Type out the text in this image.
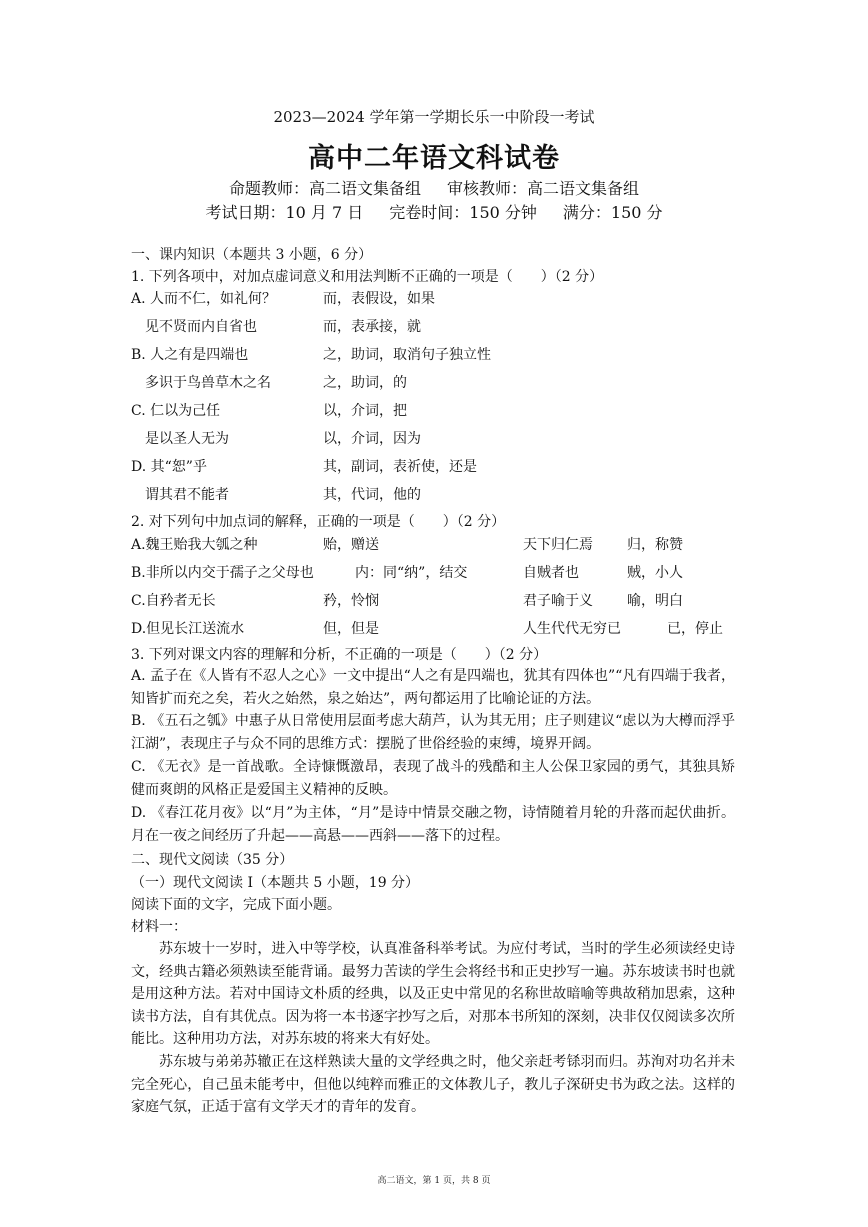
2023—2024 学年第一学期长乐一中阶段一考试
高中二年语文科试卷
命题教师：高二语文集备组 审核教师：高二语文集备组
考试日期：10 月 7 日 完卷时间：150 分钟 满分：150 分
一、课内知识（本题共 3 小题，6 分）
1. 下列各项中，对加点虚词意义和用法判断不正确的一项是（　　）（2 分）
A. 人而不仁，如礼何？	而，表假设，如果
　见不贤而内自省也	而，表承接，就
B. 人之有是四端也	之，助词，取消句子独立性
　多识于鸟兽草木之名	之，助词，的
C. 仁以为己任	以，介词，把
　是以圣人无为	以，介词，因为
D. 其“恕”乎	其，副词，表祈使，还是
　谓其君不能者	其，代词，他的
2. 对下列句中加点词的解释，正确的一项是（　　）（2 分）
A.魏王贻我大瓠之种	贻，赠送	天下归仁焉 归，称赞
B.非所以内交于孺子之父母也	内：同“纳”，结交	自贼者也	贼，小人
C.自矜者无长	矜，怜悯	君子喻于义 喻，明白
D.但见长江送流水	但，但是	人生代代无穷已	已，停止
3. 下列对课文内容的理解和分析，不正确的一项是（　　）（2 分）
A. 孟子在《人皆有不忍人之心》一文中提出“人之有是四端也，犹其有四体也”“凡有四端于我者，知皆扩而充之矣，若火之始然，泉之始达”，两句都运用了比喻论证的方法。
B. 《五石之瓠》中惠子从日常使用层面考虑大葫芦，认为其无用；庄子则建议“虑以为大樽而浮乎江湖”，表现庄子与众不同的思维方式：摆脱了世俗经验的束缚，境界开阔。
C. 《无衣》是一首战歌。全诗慷慨激昂，表现了战斗的残酷和主人公保卫家园的勇气，其独具矫健而爽朗的风格正是爱国主义精神的反映。
D. 《春江花月夜》以“月”为主体，“月”是诗中情景交融之物，诗情随着月轮的升落而起伏曲折。月在一夜之间经历了升起——高悬——西斜——落下的过程。
二、现代文阅读（35 分）
（一）现代文阅读 I（本题共 5 小题，19 分）
阅读下面的文字，完成下面小题。
材料一：
苏东坡十一岁时，进入中等学校，认真准备科举考试。为应付考试，当时的学生必须读经史诗文，经典古籍必须熟读至能背诵。最努力苦读的学生会将经书和正史抄写一遍。苏东坡读书时也就是用这种方法。若对中国诗文朴质的经典，以及正史中常见的名称世故暗喻等典故稍加思索，这种读书方法，自有其优点。因为将一本书逐字抄写之后，对那本书所知的深刻，决非仅仅阅读多次所能比。这种用功方法，对苏东坡的将来大有好处。
苏东坡与弟弟苏辙正在这样熟读大量的文学经典之时，他父亲赶考铩羽而归。苏洵对功名并未完全死心，自己虽未能考中，但他以纯粹而雅正的文体教儿子，教儿子深研史书为政之法。这样的家庭气氛，正适于富有文学天才的青年的发育。
高二语文，第 1 页，共 8 页
